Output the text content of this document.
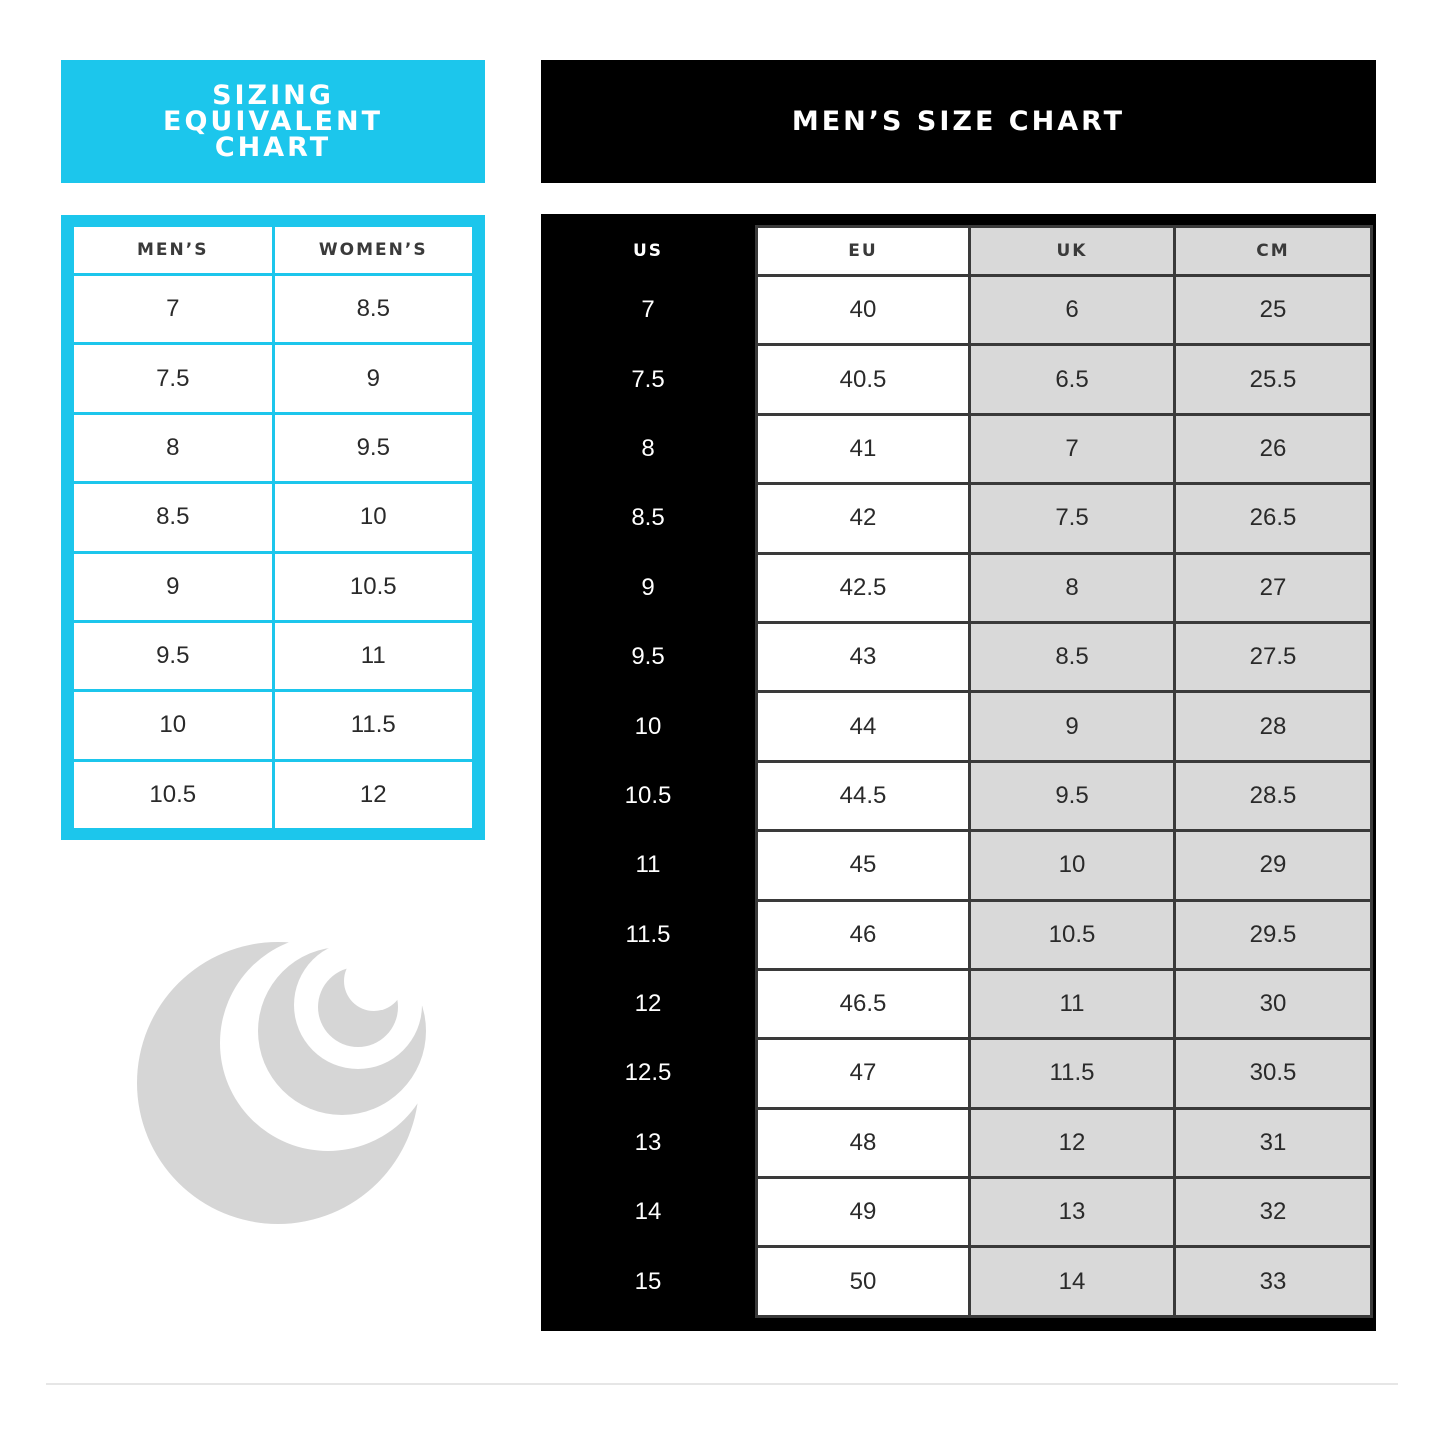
SIZING
EQUIVALENT
CHART
MEN’S	WOMEN’S
7	8.5
7.5	9
8	9.5
8.5	10
9	10.5
9.5	11
10	11.5
10.5	12
MEN’S SIZE CHART
US	EU	UK	CM
7	40	6	25
7.5	40.5	6.5	25.5
8	41	7	26
8.5	42	7.5	26.5
9	42.5	8	27
9.5	43	8.5	27.5
10	44	9	28
10.5	44.5	9.5	28.5
11	45	10	29
11.5	46	10.5	29.5
12	46.5	11	30
12.5	47	11.5	30.5
13	48	12	31
14	49	13	32
15	50	14	33
